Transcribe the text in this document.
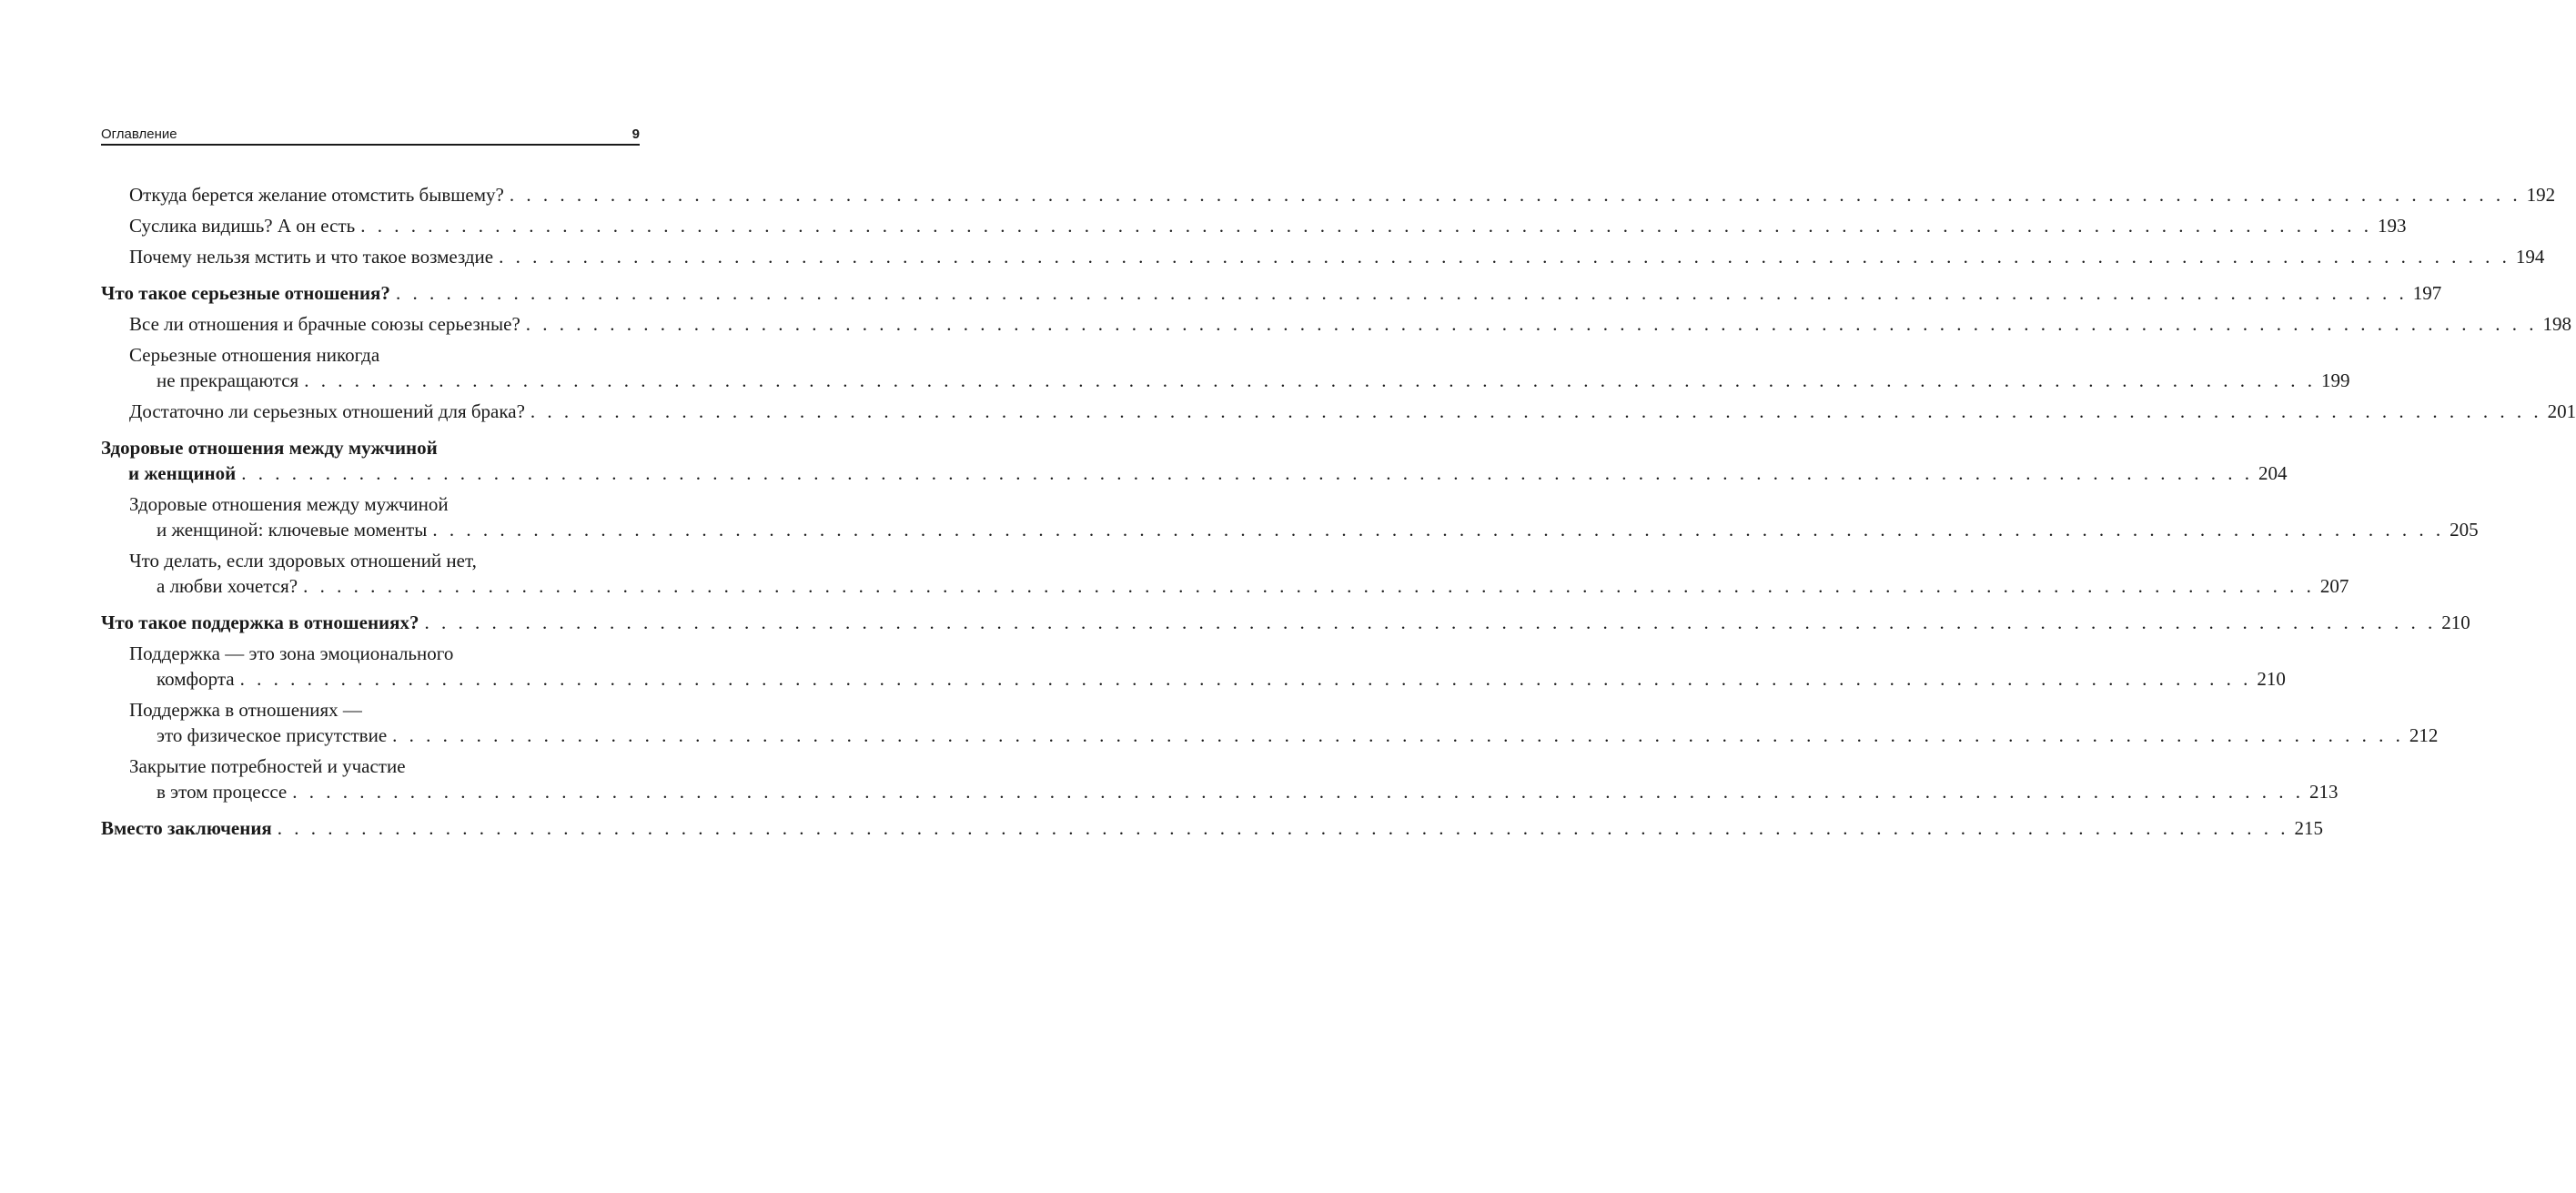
Оглавление	9
Откуда берется желание отомстить бывшему? . . . . . . . . . . . . . . . . . . . . . . . . . . . . . . . . . . . . . . . . . . . . . . . . . . . . . . . . . . . . . . . . . . . . . . . . . . . . . . . . . . . . . . . . . . . . . . . . . . . . . . . . . . . . . . . . . . . . . . . . 192
Суслика видишь? А он есть . . . . . . . . . . . . . . . . . . . . . . . . . . . . . . . . . . . . . . . . . . . . . . . . . . . . . . . . . . . . . . . . . . . . . . . . . . . . . . . . . . . . . . . . . . . . . . . . . . . . . . . . . . . . . . . . . . . . . . . . 193
Почему нельзя мстить и что такое возмездие . . . . . . . . . . . . . . . . . . . . . . . . . . . . . . . . . . . . . . . . . . . . . . . . . . . . . . . . . . . . . . . . . . . . . . . . . . . . . . . . . . . . . . . . . . . . . . . . . . . . . . . . . . . . . . . . . . . . . . . . 194
Что такое серьезные отношения? . . . . . . . . . . . . . . . . . . . . . . . . . . . . . . . . . . . . . . . . . . . . . . . . . . . . . . . . . . . . . . . . . . . . . . . . . . . . . . . . . . . . . . . . . . . . . . . . . . . . . . . . . . . . . . . . . . . . . . . . 197
Все ли отношения и брачные союзы серьезные? . . . . . . . . . . . . . . . . . . . . . . . . . . . . . . . . . . . . . . . . . . . . . . . . . . . . . . . . . . . . . . . . . . . . . . . . . . . . . . . . . . . . . . . . . . . . . . . . . . . . . . . . . . . . . . . . . . . . . . . . 198
Серьезные отношения никогда
не прекращаются . . . . . . . . . . . . . . . . . . . . . . . . . . . . . . . . . . . . . . . . . . . . . . . . . . . . . . . . . . . . . . . . . . . . . . . . . . . . . . . . . . . . . . . . . . . . . . . . . . . . . . . . . . . . . . . . . . . . . . . . 199
Достаточно ли серьезных отношений для брака? . . . . . . . . . . . . . . . . . . . . . . . . . . . . . . . . . . . . . . . . . . . . . . . . . . . . . . . . . . . . . . . . . . . . . . . . . . . . . . . . . . . . . . . . . . . . . . . . . . . . . . . . . . . . . . . . . . . . . . . . 201
Здоровые отношения между мужчиной
и женщиной . . . . . . . . . . . . . . . . . . . . . . . . . . . . . . . . . . . . . . . . . . . . . . . . . . . . . . . . . . . . . . . . . . . . . . . . . . . . . . . . . . . . . . . . . . . . . . . . . . . . . . . . . . . . . . . . . . . . . . . . 204
Здоровые отношения между мужчиной
и женщиной: ключевые моменты . . . . . . . . . . . . . . . . . . . . . . . . . . . . . . . . . . . . . . . . . . . . . . . . . . . . . . . . . . . . . . . . . . . . . . . . . . . . . . . . . . . . . . . . . . . . . . . . . . . . . . . . . . . . . . . . . . . . . . . . 205
Что делать, если здоровых отношений нет,
а любви хочется? . . . . . . . . . . . . . . . . . . . . . . . . . . . . . . . . . . . . . . . . . . . . . . . . . . . . . . . . . . . . . . . . . . . . . . . . . . . . . . . . . . . . . . . . . . . . . . . . . . . . . . . . . . . . . . . . . . . . . . . . 207
Что такое поддержка в отношениях? . . . . . . . . . . . . . . . . . . . . . . . . . . . . . . . . . . . . . . . . . . . . . . . . . . . . . . . . . . . . . . . . . . . . . . . . . . . . . . . . . . . . . . . . . . . . . . . . . . . . . . . . . . . . . . . . . . . . . . . . 210
Поддержка — это зона эмоционального
комфорта . . . . . . . . . . . . . . . . . . . . . . . . . . . . . . . . . . . . . . . . . . . . . . . . . . . . . . . . . . . . . . . . . . . . . . . . . . . . . . . . . . . . . . . . . . . . . . . . . . . . . . . . . . . . . . . . . . . . . . . . 210
Поддержка в отношениях —
это физическое присутствие . . . . . . . . . . . . . . . . . . . . . . . . . . . . . . . . . . . . . . . . . . . . . . . . . . . . . . . . . . . . . . . . . . . . . . . . . . . . . . . . . . . . . . . . . . . . . . . . . . . . . . . . . . . . . . . . . . . . . . . . 212
Закрытие потребностей и участие
в этом процессе . . . . . . . . . . . . . . . . . . . . . . . . . . . . . . . . . . . . . . . . . . . . . . . . . . . . . . . . . . . . . . . . . . . . . . . . . . . . . . . . . . . . . . . . . . . . . . . . . . . . . . . . . . . . . . . . . . . . . . . . 213
Вместо заключения . . . . . . . . . . . . . . . . . . . . . . . . . . . . . . . . . . . . . . . . . . . . . . . . . . . . . . . . . . . . . . . . . . . . . . . . . . . . . . . . . . . . . . . . . . . . . . . . . . . . . . . . . . . . . . . . . . . . . . . . 215
